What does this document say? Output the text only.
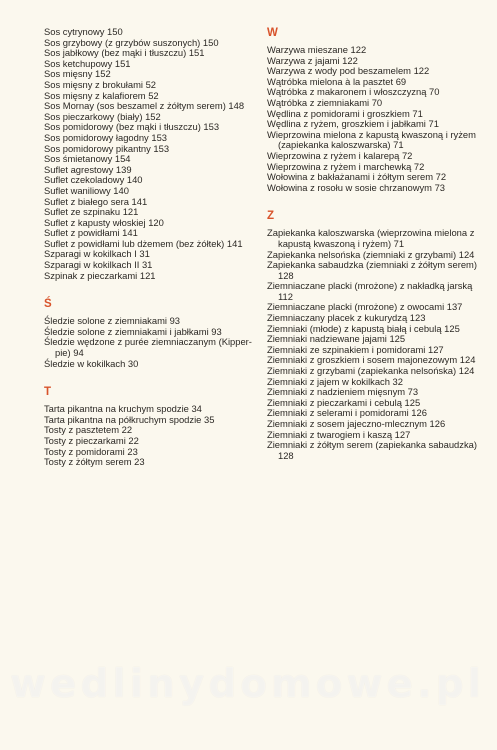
Sos cytrynowy 150

Sos grzybowy (z grzybów suszonych) 150

Sos jabłkowy (bez mąki i tłuszczu) 151

Sos ketchupowy 151

Sos mięsny 152

Sos mięsny z brokułami 52

Sos mięsny z kalafiorem 52

Sos Mornay (sos beszamel z żółtym serem) 148

Sos pieczarkowy (biały) 152

Sos pomidorowy (bez mąki i tłuszczu) 153

Sos pomidorowy łagodny 153

Sos pomidorowy pikantny 153

Sos śmietanowy 154

Suflet agrestowy 139

Suflet czekoladowy 140

Suflet waniliowy 140

Suflet z białego sera 141

Suflet ze szpinaku 121

Suflet z kapusty włoskiej 120

Suflet z powidłami 141

Suflet z powidłami lub dżemem (bez żółtek) 141

Szparagi w kokilkach I 31

Szparagi w kokilkach II 31

Szpinak z pieczarkami 121

Ś

Śledzie solone z ziemniakami 93

Śledzie solone z ziemniakami i jabłkami 93

Śledzie wędzone z purée ziemniaczanym (Kipper-pie) 94

Śledzie w kokilkach 30

T

Tarta pikantna na kruchym spodzie 34

Tarta pikantna na półkruchym spodzie 35

Tosty z pasztetem 22

Tosty z pieczarkami 22

Tosty z pomidorami 23

Tosty z żółtym serem 23

W

Warzywa mieszane 122

Warzywa z jajami 122

Warzywa z wody pod beszamelem 122

Wątróbka mielona à la pasztet 69

Wątróbka z makaronem i włoszczyzną 70

Wątróbka z ziemniakami 70

Wędlina z pomidorami i groszkiem 71

Wędlina z ryżem, groszkiem i jabłkami 71

Wieprzowina mielona z kapustą kwaszoną i ryżem (zapiekanka kaloszwarska) 71

Wieprzowina z ryżem i kalarepą 72

Wieprzowina z ryżem i marchewką 72

Wołowina z bakłażanami i żółtym serem 72

Wołowina z rosołu w sosie chrzanowym 73

Z

Zapiekanka kaloszwarska (wieprzowina mielona z kapustą kwaszoną i ryżem) 71

Zapiekanka nelsońska (ziemniaki z grzybami) 124

Zapiekanka sabaudzka (ziemniaki z żółtym serem) 128

Ziemniaczane placki (mrożone) z nakładką jarską 112

Ziemniaczane placki (mrożone) z owocami 137

Ziemniaczany placek z kukurydzą 123

Ziemniaki (młode) z kapustą białą i cebulą 125

Ziemniaki nadziewane jajami 125

Ziemniaki ze szpinakiem i pomidorami 127

Ziemniaki z groszkiem i sosem majonezowym 124

Ziemniaki z grzybami (zapiekanka nelsońska) 124

Ziemniaki z jajem w kokilkach 32

Ziemniaki z nadzieniem mięsnym 73

Ziemniaki z pieczarkami i cebulą 125

Ziemniaki z selerami i pomidorami 126

Ziemniaki z sosem jajeczno-mlecznym 126

Ziemniaki z twarogiem i kaszą 127

Ziemniaki z żółtym serem (zapiekanka sabaudzka) 128

wedlinydomowe.pl
